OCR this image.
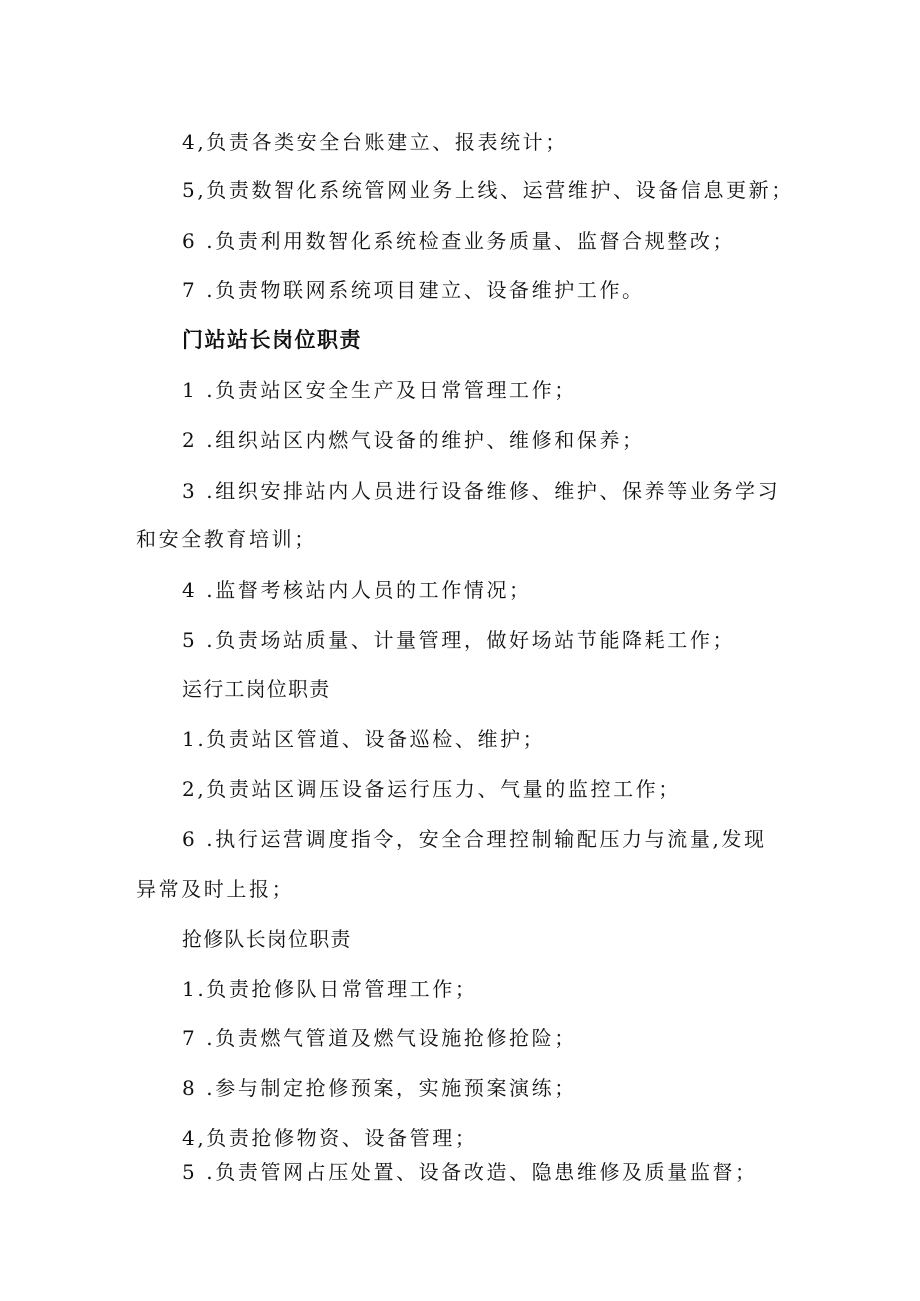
4,负责各类安全台账建立、报表统计；
5,负责数智化系统管网业务上线、运营维护、设备信息更新；
6 .负责利用数智化系统检查业务质量、监督合规整改；
7 .负责物联网系统项目建立、设备维护工作。
门站站长岗位职责
1 .负责站区安全生产及日常管理工作；
2 .组织站区内燃气设备的维护、维修和保养；
3 .组织安排站内人员进行设备维修、维护、保养等业务学习
和安全教育培训；
4 .监督考核站内人员的工作情况；
5 .负责场站质量、计量管理，做好场站节能降耗工作；
运行工岗位职责
1.负责站区管道、设备巡检、维护；
2,负责站区调压设备运行压力、气量的监控工作；
6 .执行运营调度指令，安全合理控制输配压力与流量,发现
异常及时上报；
抢修队长岗位职责
1.负责抢修队日常管理工作；
7 .负责燃气管道及燃气设施抢修抢险；
8 .参与制定抢修预案，实施预案演练；
4,负责抢修物资、设备管理；
5 .负责管网占压处置、设备改造、隐患维修及质量监督；
